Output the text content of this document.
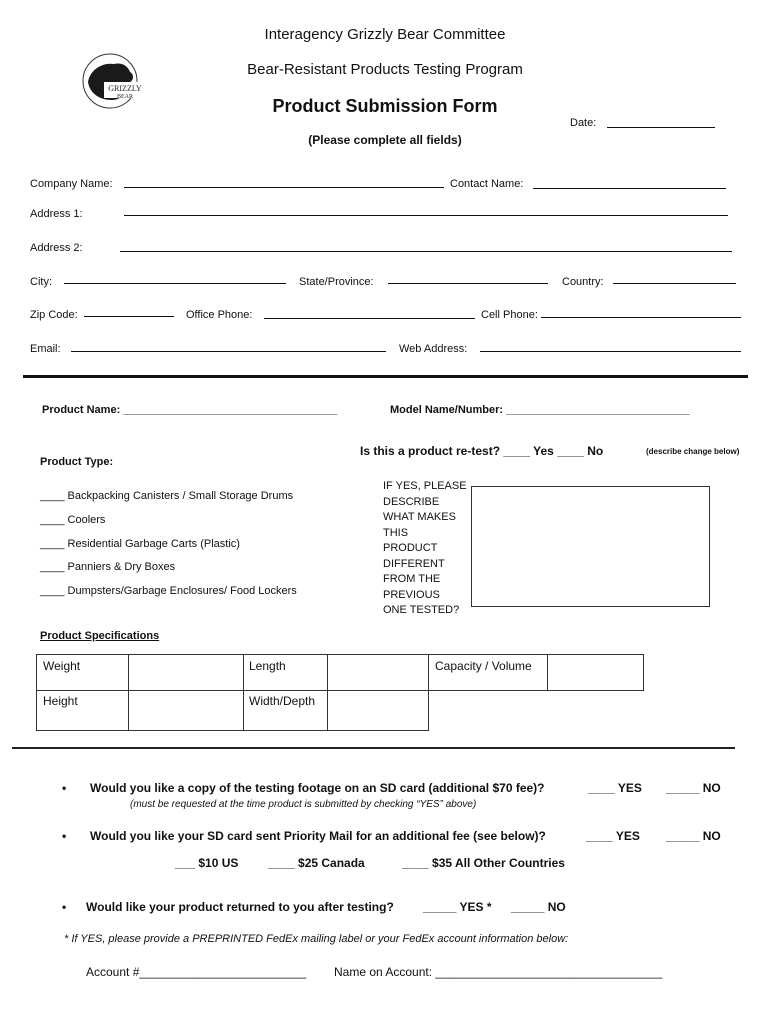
GRIZZLY
BEAR
Interagency Grizzly Bear Committee
Bear-Resistant Products Testing Program
Product Submission Form
(Please complete all fields)
Date:
Company Name:	Contact Name:
Address 1:
Address 2:
City:	State/Province:	Country:
Zip Code:	Office Phone:	Cell Phone:
Email:	Web Address:
Product Name: ___________________________________	Model Name/Number: ______________________________
Is this a product re-test? ____ Yes ____ No	(describe change below)
Product Type:
____ Backpacking Canisters / Small Storage Drums
____ Coolers
____ Residential Garbage Carts (Plastic)
____ Panniers & Dry Boxes
____ Dumpsters/Garbage Enclosures/ Food Lockers
IF YES, PLEASE
DESCRIBE
WHAT MAKES
THIS
PRODUCT
DIFFERENT
FROM THE
PREVIOUS
ONE TESTED?
Product Specifications
Weight	Length	Capacity / Volume
Height	Width/Depth
• Would you like a copy of the testing footage on an SD card (additional $70 fee)?	____ YES _____ NO
(must be requested at the time product is submitted by checking “YES” above)
• Would you like your SD card sent Priority Mail for an additional fee (see below)?	____ YES _____ NO
___ $10 US ____ $25 Canada	____ $35 All Other Countries
• Would like your product returned to you after testing? _____ YES * _____ NO
* If YES, please provide a PREPRINTED FedEx mailing label or your FedEx account information below:
Account #_________________________ Name on Account: __________________________________
